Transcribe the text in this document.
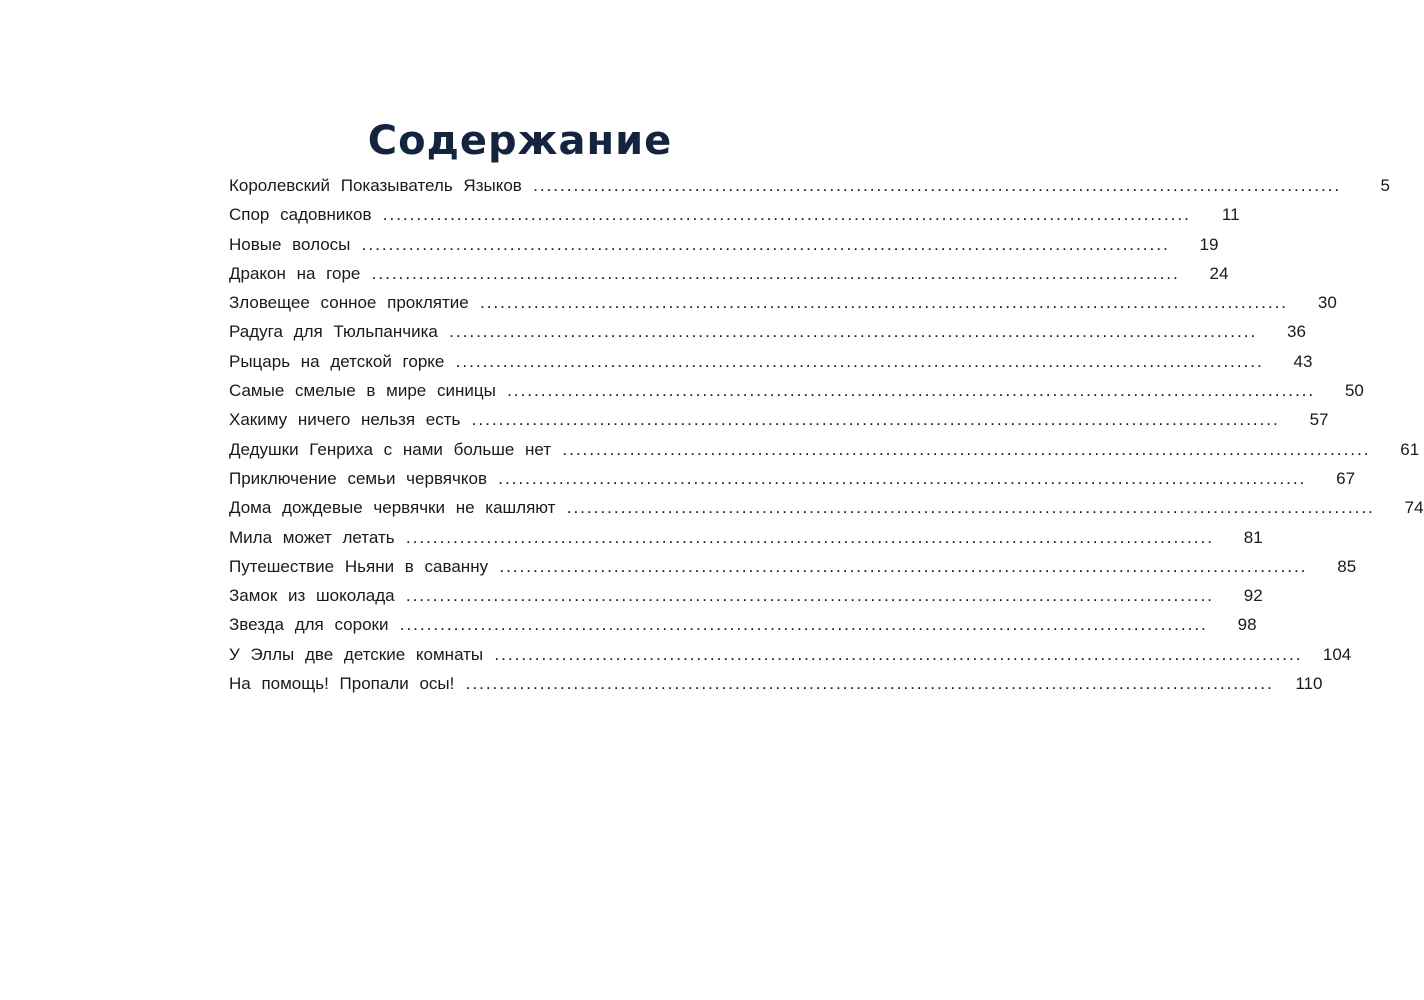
Содержание
Королевский Показыватель Языков	........................................................................................................................	5
Спор садовников	........................................................................................................................	11
Новые волосы	........................................................................................................................	19
Дракон на горе	........................................................................................................................	24
Зловещее сонное проклятие	........................................................................................................................	30
Радуга для Тюльпанчика	........................................................................................................................	36
Рыцарь на детской горке	........................................................................................................................	43
Самые смелые в мире синицы	........................................................................................................................	50
Хакиму ничего нельзя есть	........................................................................................................................	57
Дедушки Генриха с нами больше нет	........................................................................................................................	61
Приключение семьи червячков	........................................................................................................................	67
Дома дождевые червячки не кашляют	........................................................................................................................	74
Мила может летать	........................................................................................................................	81
Путешествие Ньяни в саванну	........................................................................................................................	85
Замок из шоколада	........................................................................................................................	92
Звезда для сороки	........................................................................................................................	98
У Эллы две детские комнаты	........................................................................................................................	104
На помощь! Пропали осы!	........................................................................................................................	110
